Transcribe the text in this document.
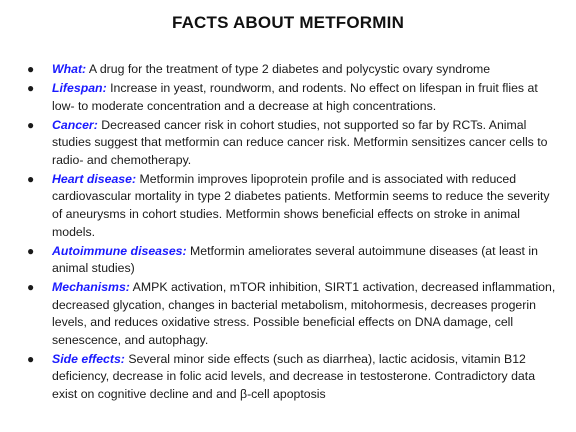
FACTS ABOUT METFORMIN
● What: A drug for the treatment of type 2 diabetes and polycystic ovary syndrome
● Lifespan: Increase in yeast, roundworm, and rodents. No effect on lifespan in fruit flies at low- to moderate concentration and a decrease at high concentrations.
● Cancer: Decreased cancer risk in cohort studies, not supported so far by RCTs. Animal studies suggest that metformin can reduce cancer risk. Metformin sensitizes cancer cells to radio- and chemotherapy.
● Heart disease: Metformin improves lipoprotein profile and is associated with reduced cardiovascular mortality in type 2 diabetes patients. Metformin seems to reduce the severity of aneurysms in cohort studies. Metformin shows beneficial effects on stroke in animal models.
● Autoimmune diseases: Metformin ameliorates several autoimmune diseases (at least in animal studies)
● Mechanisms: AMPK activation, mTOR inhibition, SIRT1 activation, decreased inflammation, decreased glycation, changes in bacterial metabolism, mitohormesis, decreases progerin levels, and reduces oxidative stress. Possible beneficial effects on DNA damage, cell senescence, and autophagy.
● Side effects: Several minor side effects (such as diarrhea), lactic acidosis, vitamin B12 deficiency, decrease in folic acid levels, and decrease in testosterone. Contradictory data exist on cognitive decline and and β-cell apoptosis
